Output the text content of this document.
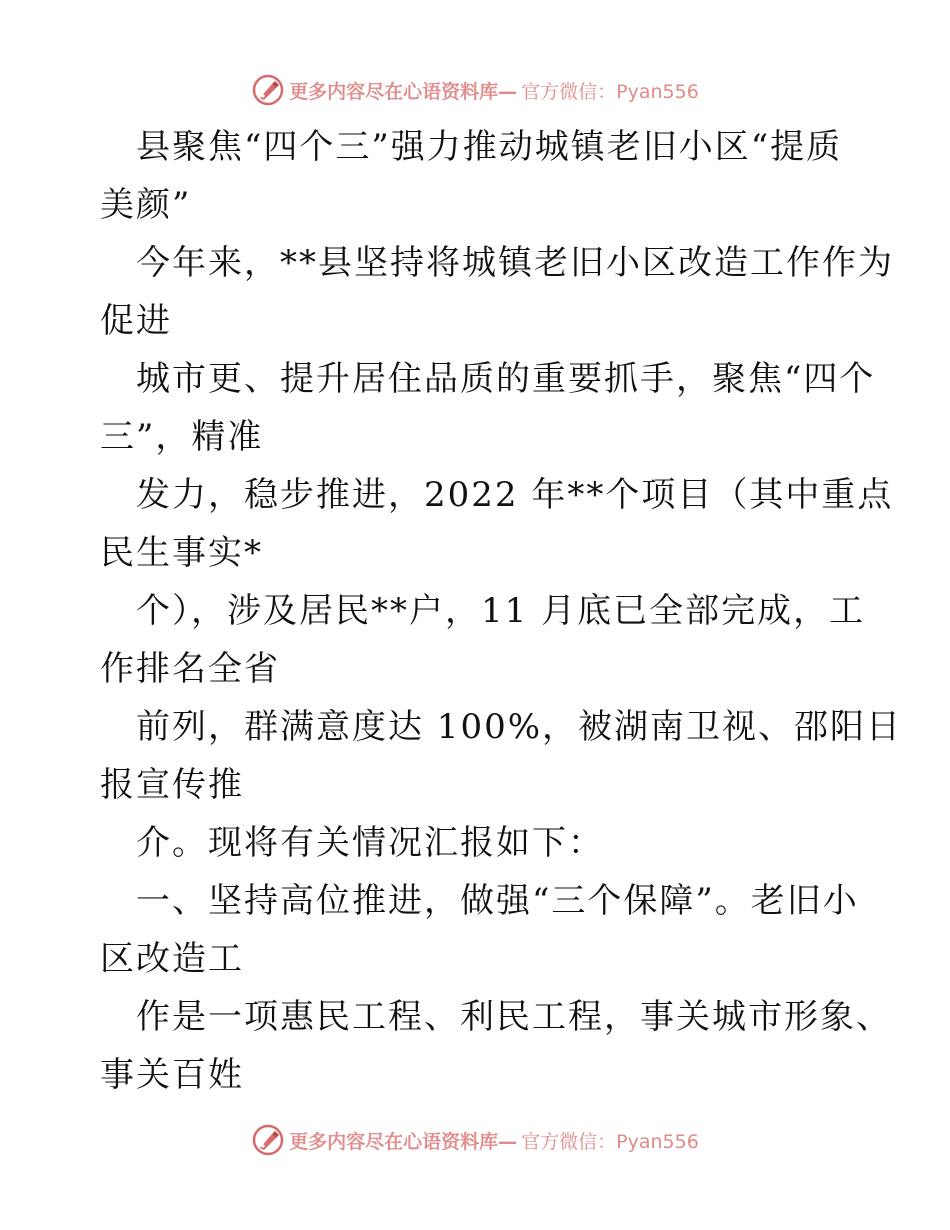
更多内容尽在心语资料库— 官方微信：Pyan556
县聚焦“四个三”强力推动城镇老旧小区“提质
美颜”
今年来，**县坚持将城镇老旧小区改造工作作为
促进
城市更、提升居住品质的重要抓手，聚焦“四个
三”，精准
发力，稳步推进，2022 年**个项目（其中重点
民生事实*
个），涉及居民**户，11 月底已全部完成，工
作排名全省
前列，群满意度达 100%，被湖南卫视、邵阳日
报宣传推
介。现将有关情况汇报如下：
一、坚持高位推进，做强“三个保障”。老旧小
区改造工
作是一项惠民工程、利民工程，事关城市形象、
事关百姓
更多内容尽在心语资料库— 官方微信：Pyan556
